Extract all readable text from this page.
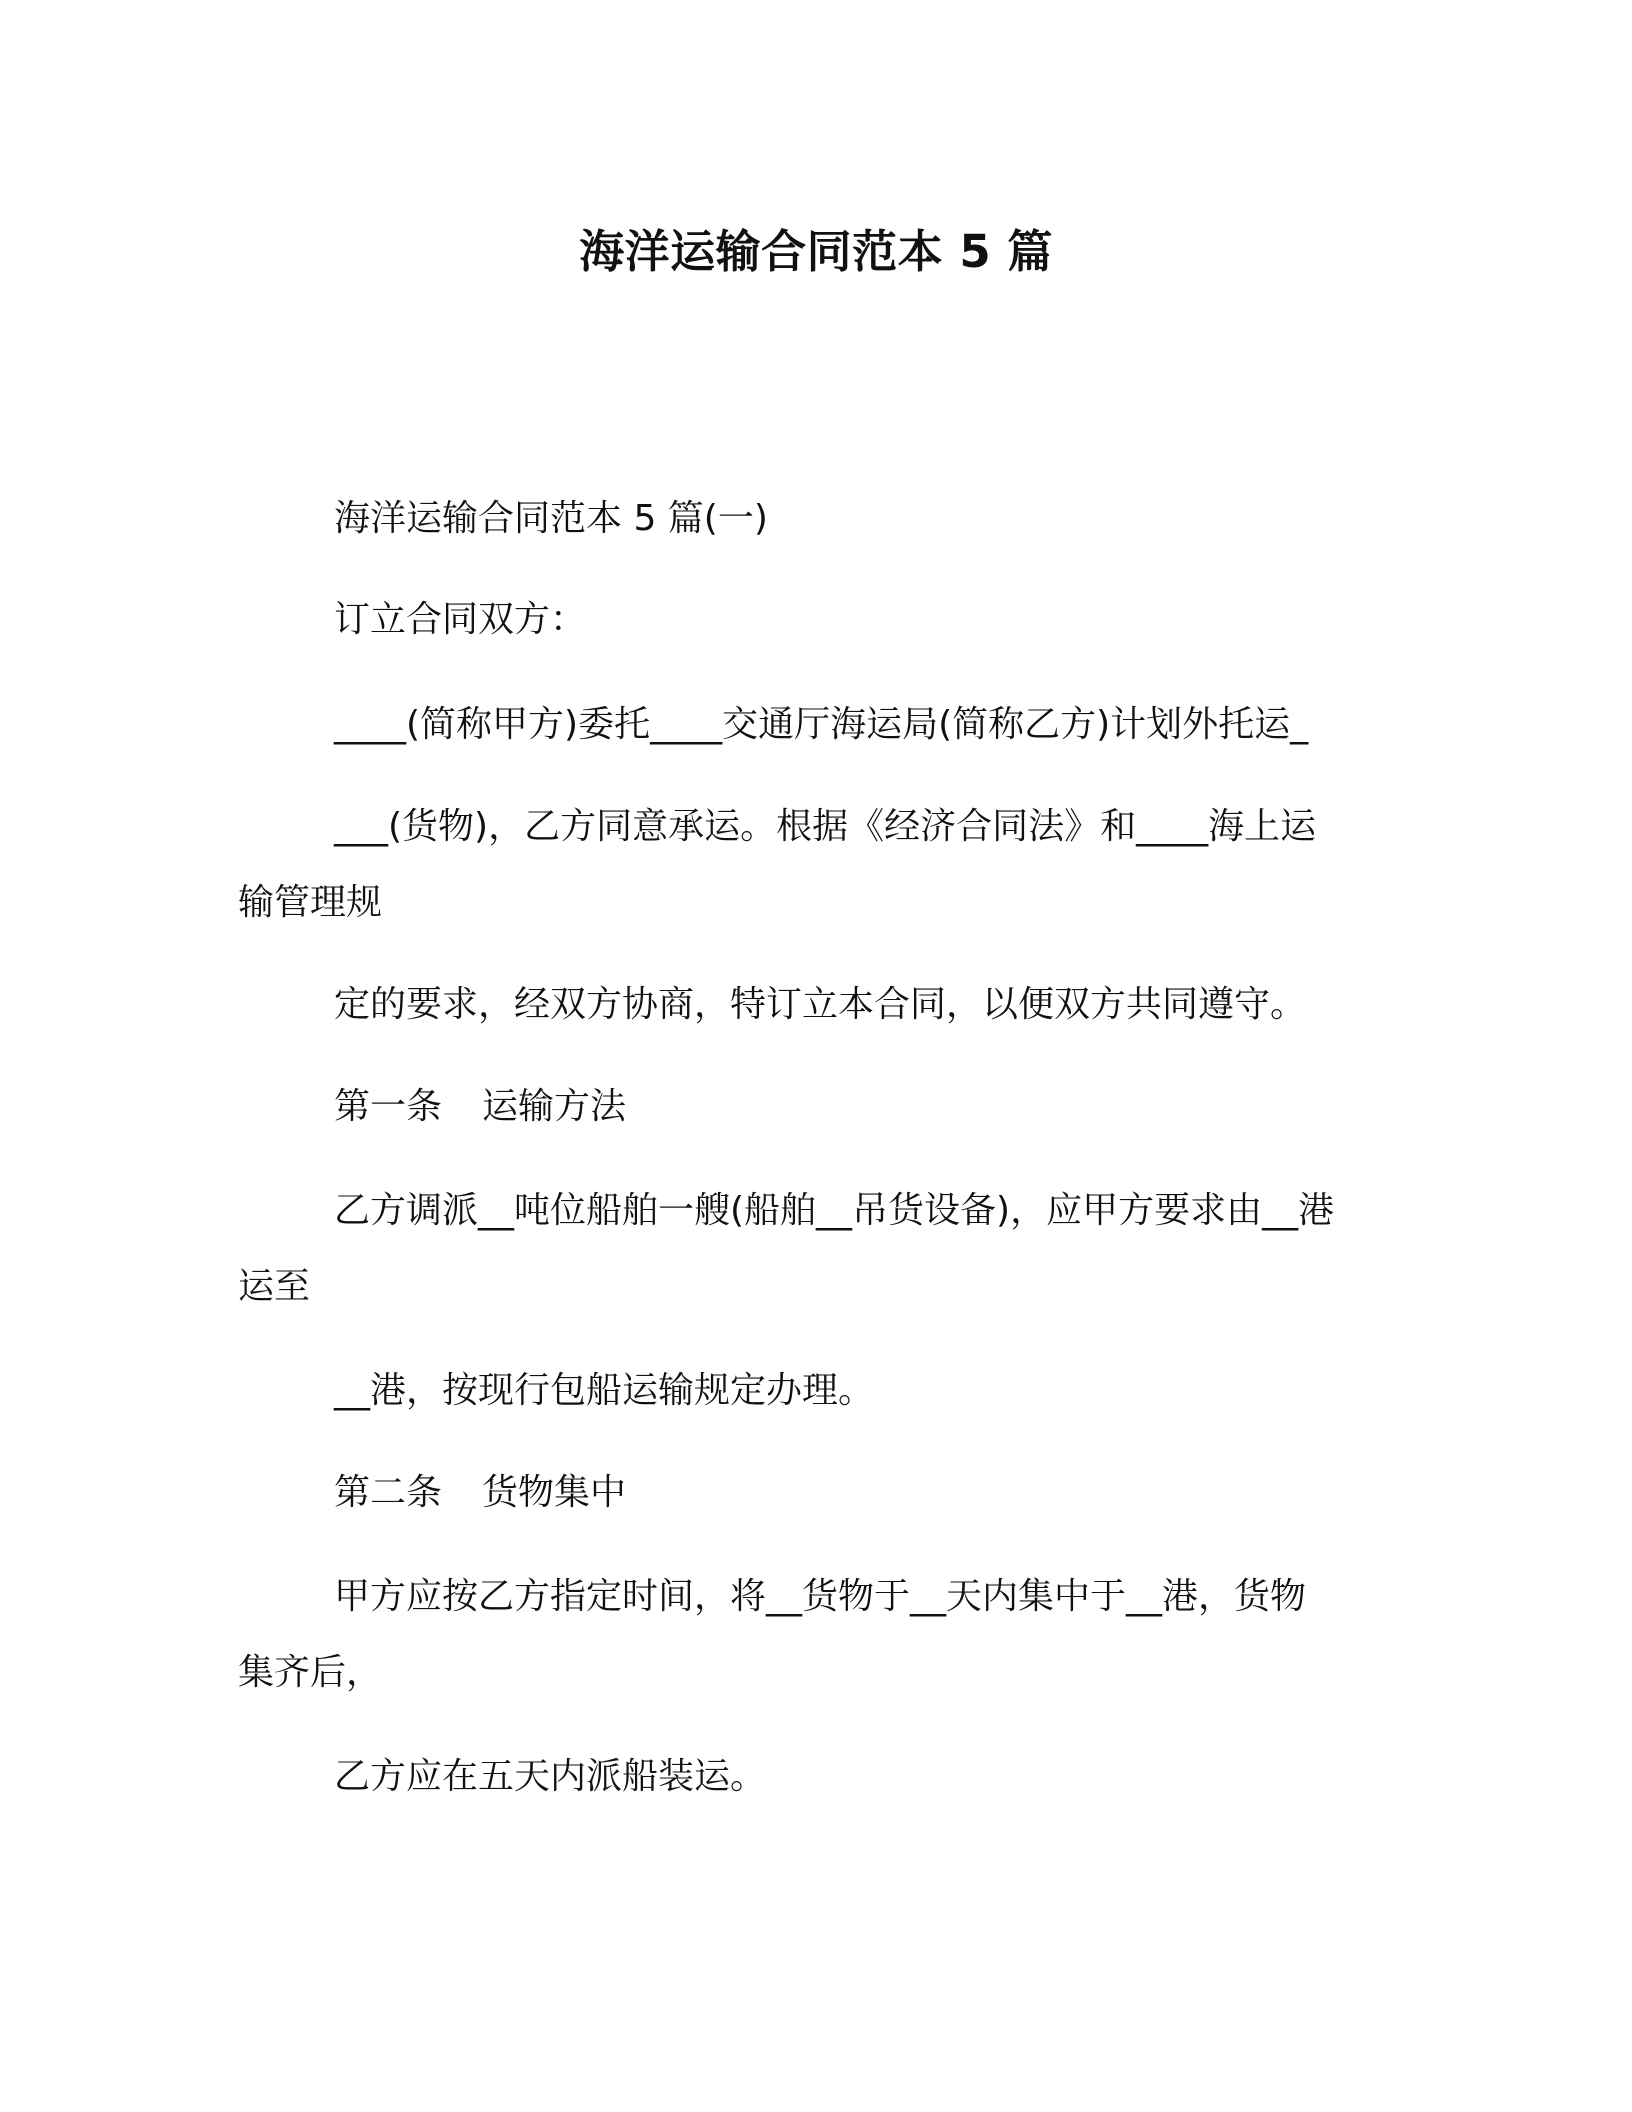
海洋运输合同范本 5 篇
海洋运输合同范本 5 篇(一)
订立合同双方：
____(简称甲方)委托____交通厅海运局(简称乙方)计划外托运_
___(货物)，乙方同意承运。根据《经济合同法》和____海上运
输管理规
定的要求，经双方协商，特订立本合同，以便双方共同遵守。
第一条 运输方法
乙方调派__吨位船舶一艘(船舶__吊货设备)，应甲方要求由__港
运至
__港，按现行包船运输规定办理。
第二条 货物集中
甲方应按乙方指定时间，将__货物于__天内集中于__港，货物
集齐后，
乙方应在五天内派船装运。
